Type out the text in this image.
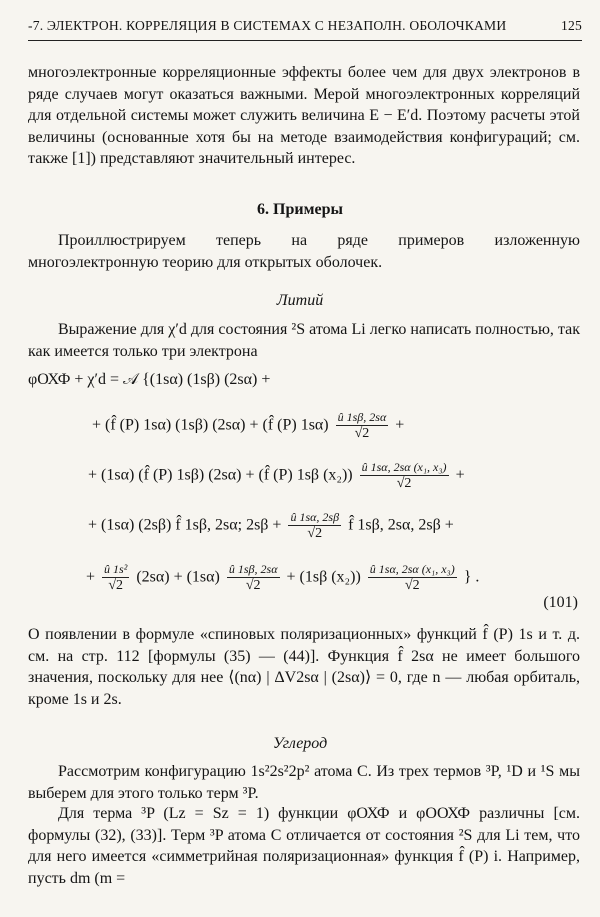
-7. ЭЛЕКТРОН. КОРРЕЛЯЦИЯ В СИСТЕМАХ С НЕЗАПОЛН. ОБОЛОЧКАМИ	125
многоэлектронные корреляционные эффекты более чем для двух электронов в ряде случаев могут оказаться важными. Мерой многоэлектронных корреляций для отдельной системы может служить величина E − E′d. Поэтому расчеты этой величины (основанные хотя бы на методе взаимодействия конфигураций; см. также [1]) представляют значительный интерес.
6. Примеры
Проиллюстрируем теперь на ряде примеров изложенную многоэлектронную теорию для открытых оболочек.
Литий
Выражение для χ′d для состояния ²S атома Li легко написать полностью, так как имеется только три электрона
φОХФ + χ′d = 𝒜 {(1sα) (1sβ) (2sα) +
+ (f̂ (P) 1sα) (1sβ) (2sα) + (f̂ (P) $1s\alpha) \frac{û 1s\beta, 2s\alpha}{√2}$ +
+ (1sα) (f̂ (P) 1sβ) (2sα) + (f̂ (P) 1sβ $(x_2)) \frac{\text{û 1sα, 2sα (x₁, x₃)}}{√2}$ +
+ (1sα) (2sβ) f̂ 1sβ, 2sα; $2s\beta + \frac{û 1s\alpha, 2s\beta}{√2}$ f̂ 1sβ, 2sα, 2sβ +
+ $\frac{\text{û 1s²}}{√2} (2s\alpha) + (1s\alpha) \frac{û 1s\beta, 2s\alpha}{√2} + (1s\beta$ $(x_2)) \frac{\text{û 1sα, 2sα (x₁, x₃)}}{√2}$ } .
(101)
О появлении в формуле «спиновых поляризационных» функций f̂ (P) 1s и т. д. см. на стр. 112 [формулы (35) — (44)]. Функция f̂ 2sα не имеет большого значения, поскольку для нее ⟨(nα) | ΔV2sα | (2sα)⟩ = 0, где n — любая орбиталь, кроме 1s и 2s.
Углерод
Рассмотрим конфигурацию 1s²2s²2p² атома С. Из трех термов ³P, ¹D и ¹S мы выберем для этого только терм ³P.
Для терма ³P (Lz = Sz = 1) функции φОХФ и φООХФ различны [см. формулы (32), (33)]. Терм ³P атома С отличается от состояния ²S для Li тем, что для него имеется «симметрийная поляризационная» функция f̂ (P) i. Например, пусть dm (m =
